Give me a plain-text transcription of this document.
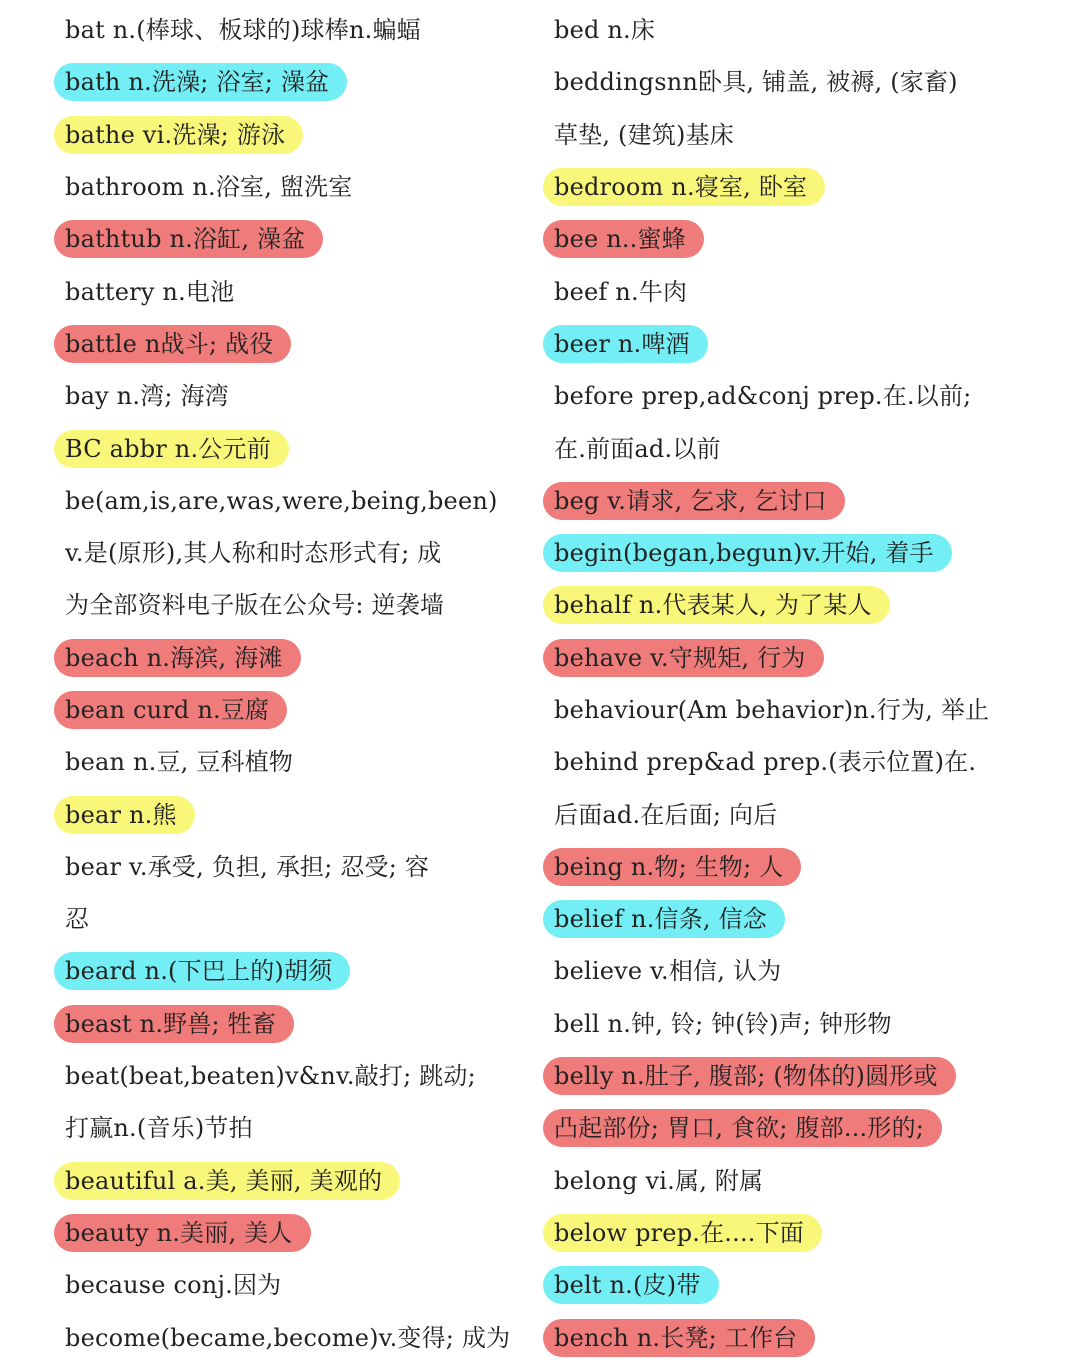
bat n.(棒球、板球的)球棒n.蝙蝠
bath n.洗澡; 浴室; 澡盆
bathe vi.洗澡; 游泳
bathroom n.浴室, 盥洗室
bathtub n.浴缸, 澡盆
battery n.电池
battle n战斗; 战役
bay n.湾; 海湾
BC abbr n.公元前
be(am,is,are,was,were,being,been)
v.是(原形),其人称和时态形式有; 成
为全部资料电子版在公众号: 逆袭墙
beach n.海滨, 海滩
bean curd n.豆腐
bean n.豆, 豆科植物
bear n.熊
bear v.承受, 负担, 承担; 忍受; 容
忍
beard n.(下巴上的)胡须
beast n.野兽; 牲畜
beat(beat,beaten)v&nv.敲打; 跳动;
打赢n.(音乐)节拍
beautiful a.美, 美丽, 美观的
beauty n.美丽, 美人
because conj.因为
become(became,become)v.变得; 成为
bed n.床
beddingsnn卧具, 铺盖, 被褥, (家畜)
草垫, (建筑)基床
bedroom n.寝室, 卧室
bee n..蜜蜂
beef n.牛肉
beer n.啤酒
before prep,ad&conj prep.在.以前;
在.前面ad.以前
beg v.请求, 乞求, 乞讨口
begin(began,begun)v.开始, 着手
behalf n.代表某人, 为了某人
behave v.守规矩, 行为
behaviour(Am behavior)n.行为, 举止
behind prep&ad prep.(表示位置)在.
后面ad.在后面; 向后
being n.物; 生物; 人
belief n.信条, 信念
believe v.相信, 认为
bell n.钟, 铃; 钟(铃)声; 钟形物
belly n.肚子, 腹部; (物体的)圆形或
凸起部份; 胃口, 食欲; 腹部...形的;
belong vi.属, 附属
below prep.在....下面
belt n.(皮)带
bench n.长凳; 工作台
